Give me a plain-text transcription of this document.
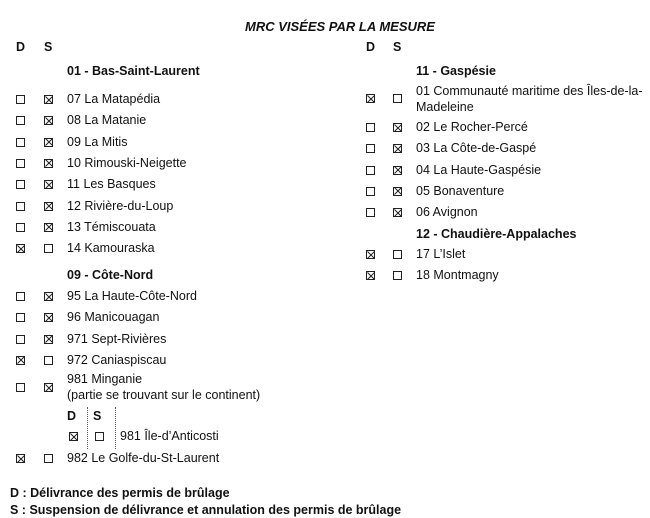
MRC VISÉES PAR LA MESURE
D S	D S
01 - Bas-Saint-Laurent
07 La Matapédia
08 La Matanie
09 La Mitis
10 Rimouski-Neigette
11 Les Basques
12 Rivière-du-Loup
13 Témiscouata
14 Kamouraska
09 - Côte-Nord
95 La Haute-Côte-Nord
96 Manicouagan
971 Sept-Rivières
972 Caniaspiscau
981 Minganie
(partie se trouvant sur le continent)
D S
981 Île-d’Anticosti
982 Le Golfe-du-St-Laurent
11 - Gaspésie
01 Communauté maritime des Îles-de-la-
Madeleine
02 Le Rocher-Percé
03 La Côte-de-Gaspé
04 La Haute-Gaspésie
05 Bonaventure
06 Avignon
12 - Chaudière-Appalaches
17 L’Islet
18 Montmagny
D : Délivrance des permis de brûlage
S : Suspension de délivrance et annulation des permis de brûlage
